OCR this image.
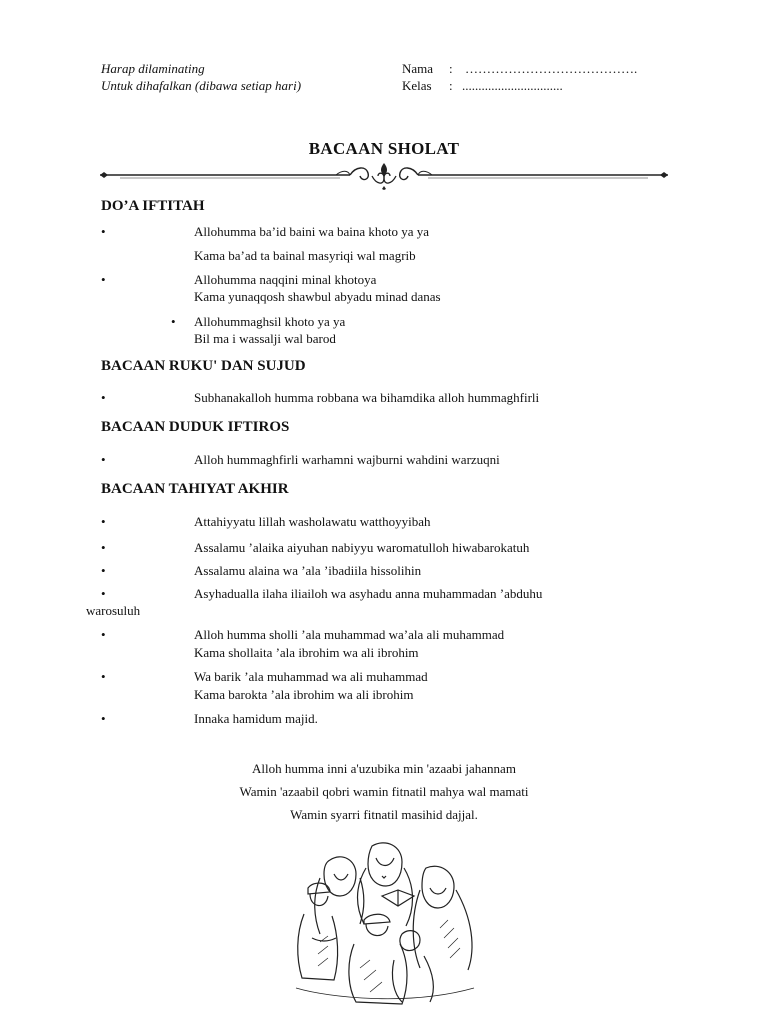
Harap dilaminating
Untuk dihafalkan (dibawa setiap hari)
Nama : ………………………………….
Kelas : ...............................
BACAAN SHOLAT
DO’A IFTITAH
•	Allohumma ba’id baini wa baina khoto ya ya
Kama ba’ad ta bainal masyriqi wal magrib
•	Allohumma naqqini minal khotoya
Kama yunaqqosh shawbul abyadu minad danas
• Allohummaghsil khoto ya ya
Bil ma i wassalji wal barod
BACAAN RUKU' DAN SUJUD
•	Subhanakalloh humma robbana wa bihamdika alloh hummaghfirli
BACAAN DUDUK IFTIROS
•	Alloh hummaghfirli warhamni wajburni wahdini warzuqni
BACAAN TAHIYAT AKHIR
•	Attahiyyatu lillah washolawatu watthoyyibah
•	Assalamu ’alaika aiyuhan nabiyyu waromatulloh hiwabarokatuh
•	Assalamu alaina wa ’ala ’ibadiila hissolihin
•	Asyhadualla ilaha iliailoh wa asyhadu anna muhammadan ’abduhu
warosuluh
•	Alloh humma sholli ’ala muhammad wa’ala ali muhammad
Kama shollaita ’ala ibrohim wa ali ibrohim
•	Wa barik ’ala muhammad wa ali muhammad
Kama barokta ’ala ibrohim wa ali ibrohim
•	Innaka hamidum majid.
Alloh humma inni a'uzubika min 'azaabi jahannam
Wamin 'azaabil qobri wamin fitnatil mahya wal mamati
Wamin syarri fitnatil masihid dajjal.
